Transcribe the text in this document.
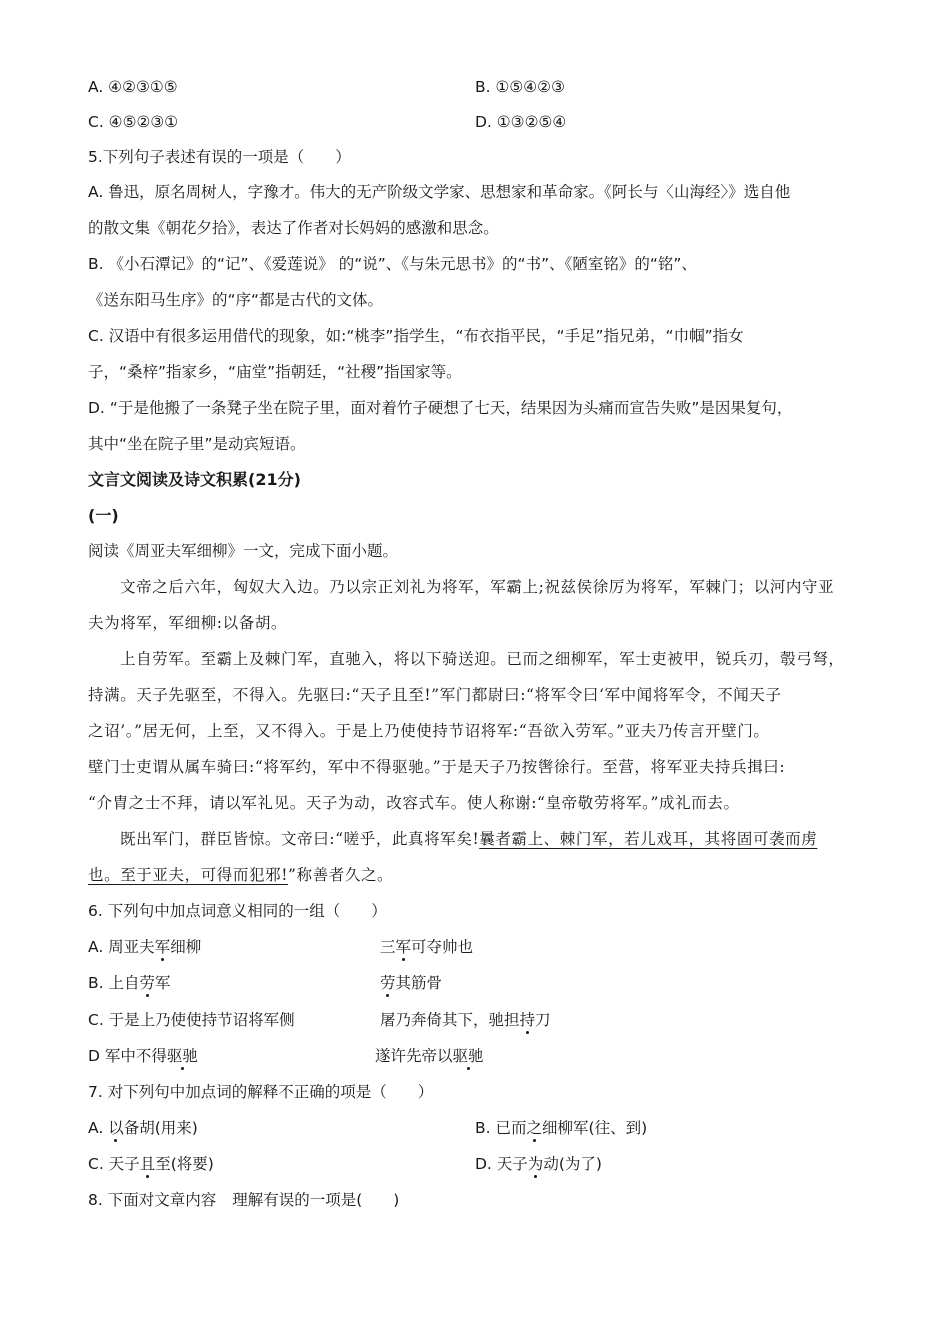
A. ④②③①⑤	B. ①⑤④②③
C. ④⑤②③①	D. ①③②⑤④
5.下列句子表述有误的一项是（　　）
A. 鲁迅，原名周树人，字豫才。伟大的无产阶级文学家、思想家和革命家。《阿长与〈山海经〉》选自他
的散文集《朝花夕拾》，表达了作者对长妈妈的感激和思念。
B. 《小石潭记》的“记”、《爱莲说》 的“说”、《与朱元思书》的“书”、《陋室铭》的“铭”、
《送东阳马生序》的“序“都是古代的文体。
C. 汉语中有很多运用借代的现象，如:“桃李”指学生，“布衣指平民，“手足”指兄弟，“巾帼”指女
子，“桑梓”指家乡，“庙堂”指朝廷，“社稷”指国家等。
D. “于是他搬了一条凳子坐在院子里，面对着竹子硬想了七天，结果因为头痛而宣告失败”是因果复句，
其中“坐在院子里”是动宾短语。
文言文阅读及诗文积累(21分)
(一)
阅读《周亚夫军细柳》一文，完成下面小题。
文帝之后六年，匈奴大入边。乃以宗正刘礼为将军，军霸上;祝兹侯徐厉为将军，军棘门；以河内守亚
夫为将军，军细柳:以备胡。
上自劳军。至霸上及棘门军，直驰入，将以下骑送迎。已而之细柳军，军士吏被甲，锐兵刃，彀弓弩，
持满。天子先驱至，不得入。先驱曰:“天子且至!”军门都尉曰:“将军令曰‘军中闻将军令，不闻天子
之诏’。”居无何，上至，又不得入。于是上乃使使持节诏将军:“吾欲入劳军。”亚夫乃传言开壁门。
壁门士吏谓从属车骑曰:“将军约，军中不得驱驰。”于是天子乃按辔徐行。至营，将军亚夫持兵揖曰:
“介胄之士不拜，请以军礼见。天子为动，改容式车。使人称谢:“皇帝敬劳将军。”成礼而去。
既出军门，群臣皆惊。文帝曰:“嗟乎，此真将军矣!曩者霸上、棘门军，若儿戏耳，其将固可袭而虏
也。至于亚夫，可得而犯邪!”称善者久之。
6. 下列句中加点词意义相同的一组（　　）
A. 周亚夫军细柳	三军可夺帅也
B. 上自劳军	劳其筋骨
C. 于是上乃使使持节诏将军侧	屠乃奔倚其下，驰担持刀
D 军中不得驱驰	遂许先帝以驱驰
7. 对下列句中加点词的解释不正确的项是（　　）
A. 以备胡(用来)	B. 已而之细柳军(往、到)
C. 天子且至(将要)	D. 天子为动(为了)
8. 下面对文章内容 理解有误的一项是(　　)
